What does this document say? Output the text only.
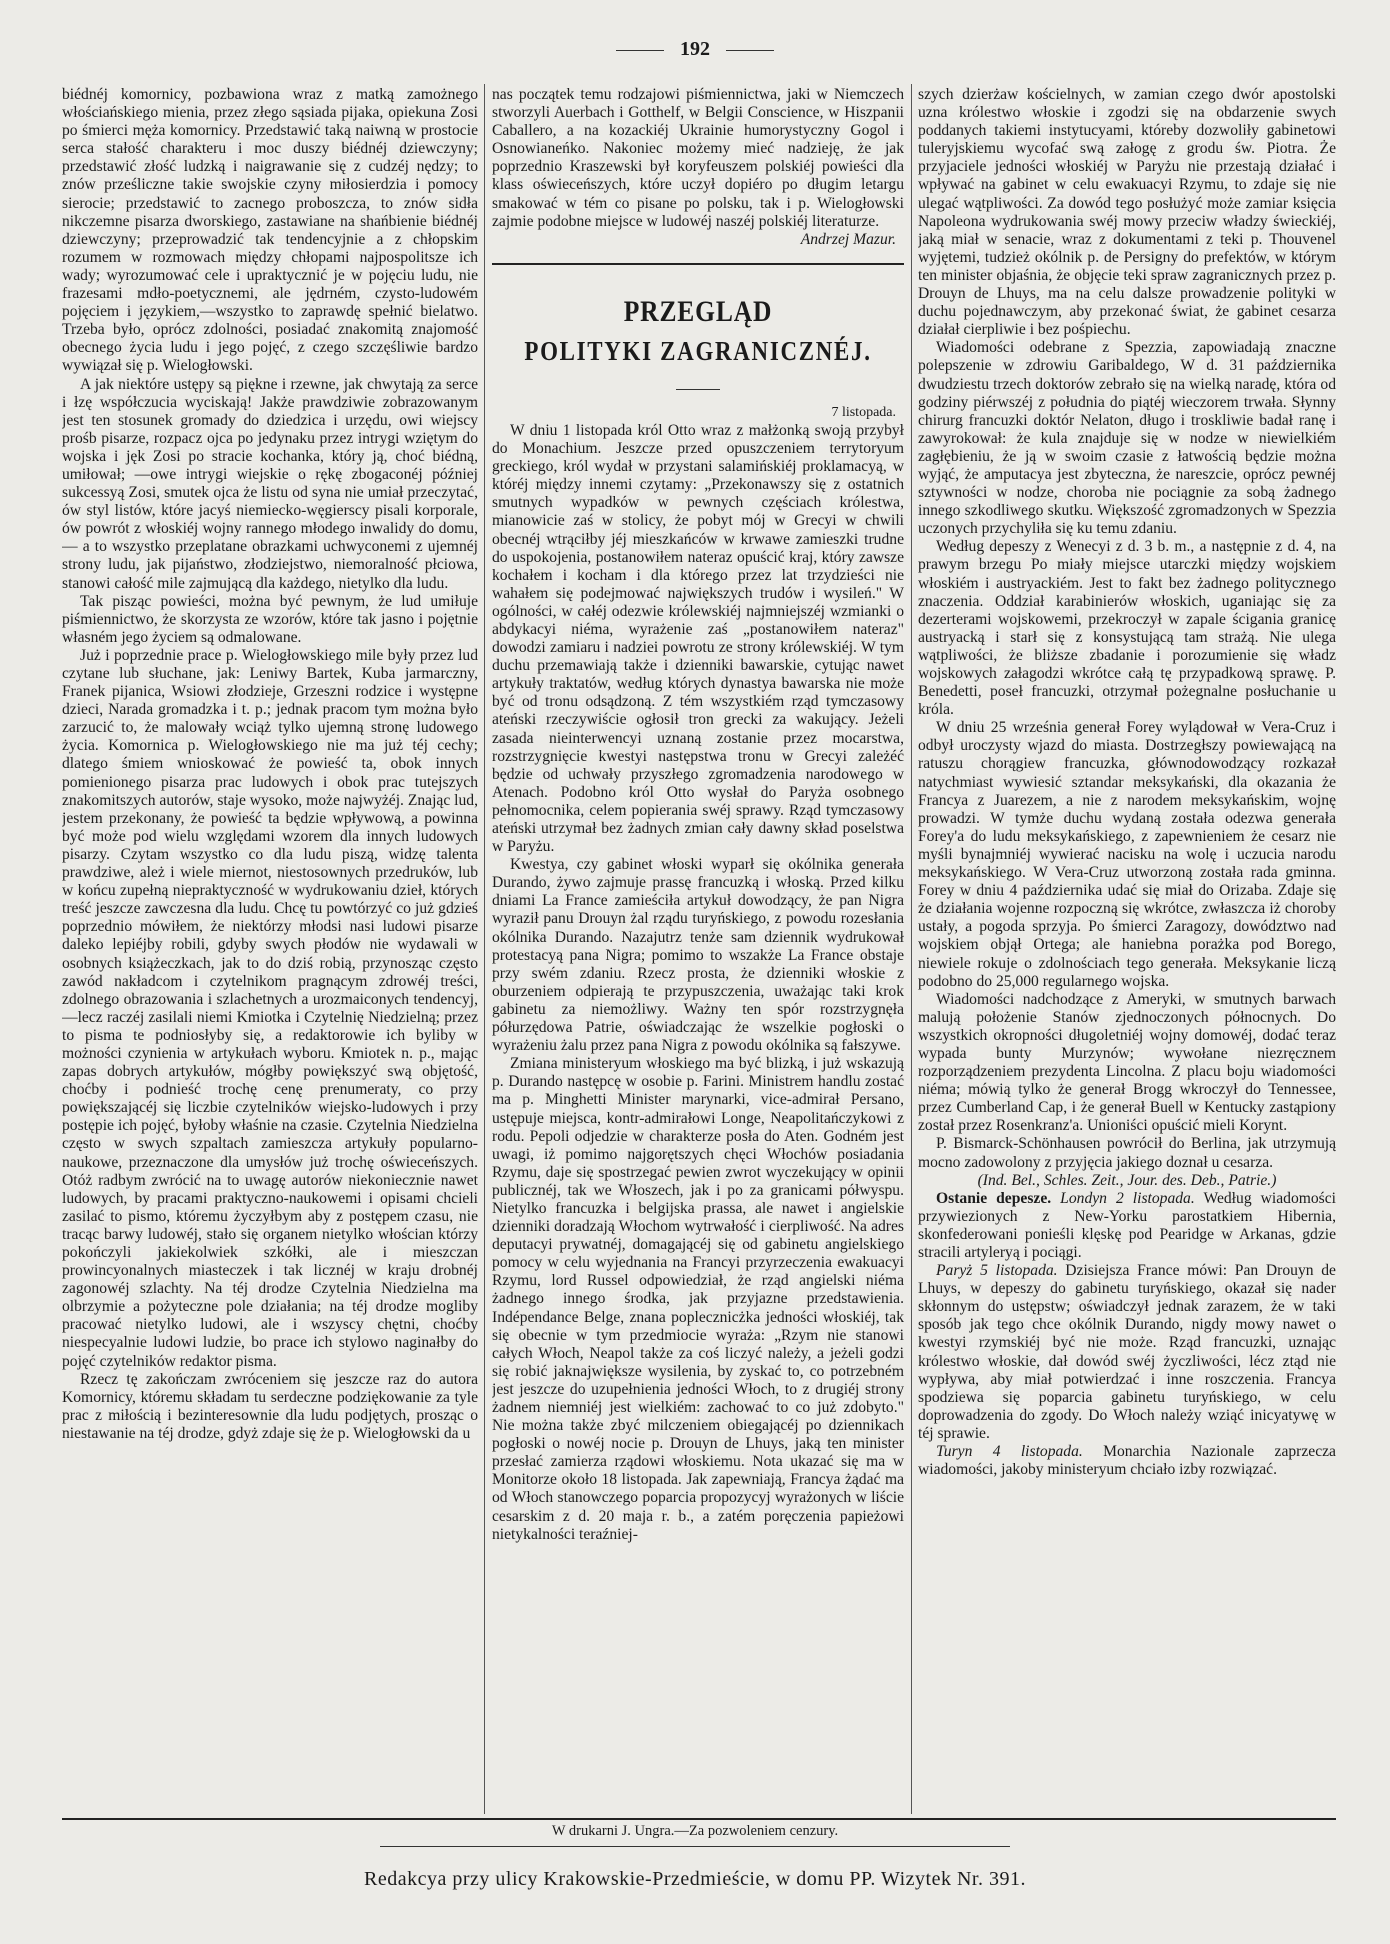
192

biédnéj komornicy, pozbawiona wraz z matką zamożnego włościańskiego mienia, przez złego sąsiada pijaka, opiekuna Zosi po śmierci męża komornicy. Przedstawić taką naiwną w prostocie serca stałość charakteru i moc duszy biédnéj dziewczyny; przedstawić złość ludzką i naigrawanie się z cudzéj nędzy; to znów prześliczne takie swojskie czyny miłosierdzia i pomocy sierocie; przedstawić to zacnego proboszcza, to znów sidła nikczemne pisarza dworskiego, zastawiane na shańbienie biédnéj dziewczyny; przeprowadzić tak tendencyjnie a z chłopskim rozumem w rozmowach między chłopami najpospolitsze ich wady; wyrozumować cele i upraktycznić je w pojęciu ludu, nie frazesami mdło-poetycznemi, ale jędrném, czysto-ludowém pojęciem i językiem,—wszystko to zaprawdę spełnić bielatwo. Trzeba było, oprócz zdolności, posiadać znakomitą znajomość obecnego życia ludu i jego pojęć, z czego szczęśliwie bardzo wywiązał się p. Wielogłowski.

A jak niektóre ustępy są piękne i rzewne, jak chwytają za serce i łzę współczucia wyciskają! Jakże prawdziwie zobrazowanym jest ten stosunek gromady do dziedzica i urzędu, owi wiejscy prośb pisarze, rozpacz ojca po jedynaku przez intrygi wziętym do wojska i jęk Zosi po stracie kochanka, który ją, choć biédną, umiłował; —owe intrygi wiejskie o rękę zbogaconéj później sukcessyą Zosi, smutek ojca że listu od syna nie umiał przeczytać, ów styl listów, które jacyś niemiecko-węgierscy pisali korporale, ów powrót z włoskiéj wojny rannego młodego inwalidy do domu, — a to wszystko przeplatane obrazkami uchwyconemi z ujemnéj strony ludu, jak pijaństwo, złodziejstwo, niemoralność płciowa, stanowi całość mile zajmującą dla każdego, nietylko dla ludu.

Tak pisząc powieści, można być pewnym, że lud umiłuje piśmiennictwo, że skorzysta ze wzorów, które tak jasno i pojętnie własném jego życiem są odmalowane.

Już i poprzednie prace p. Wielogłowskiego mile były przez lud czytane lub słuchane, jak: Leniwy Bartek, Kuba jarmarczny, Franek pijanica, Wsiowi złodzieje, Grzeszni rodzice i występne dzieci, Narada gromadzka i t. p.; jednak pracom tym można było zarzucić to, że malowały wciąż tylko ujemną stronę ludowego życia. Komornica p. Wielogłowskiego nie ma już téj cechy; dlatego śmiem wnioskować że powieść ta, obok innych pomienionego pisarza prac ludowych i obok prac tutejszych znakomitszych autorów, staje wysoko, może najwyżéj. Znając lud, jestem przekonany, że powieść ta będzie wpływową, a powinna być może pod wielu względami wzorem dla innych ludowych pisarzy. Czytam wszystko co dla ludu piszą, widzę talenta prawdziwe, ależ i wiele miernot, niestosownych przedruków, lub w końcu zupełną niepraktyczność w wydrukowaniu dzieł, których treść jeszcze zawczesna dla ludu. Chcę tu powtórzyć co już gdzieś poprzednio mówiłem, że niektórzy młodsi nasi ludowi pisarze daleko lepiéjby robili, gdyby swych płodów nie wydawali w osobnych książeczkach, jak to do dziś robią, przynosząc często zawód nakładcom i czytelnikom pragnącym zdrowéj treści, zdolnego obrazowania i szlachetnych a urozmaiconych tendencyj,—lecz raczéj zasilali niemi Kmiotka i Czytelnię Niedzielną; przez to pisma te podniosłyby się, a redaktorowie ich byliby w możności czynienia w artykułach wyboru. Kmiotek n. p., mając zapas dobrych artykułów, mógłby powiększyć swą objętość, choćby i podnieść trochę cenę prenumeraty, co przy powiększającéj się liczbie czytelników wiejsko-ludowych i przy postępie ich pojęć, byłoby właśnie na czasie. Czytelnia Niedzielna często w swych szpaltach zamieszcza artykuły popularno-naukowe, przeznaczone dla umysłów już trochę oświeceńszych. Otóż radbym zwrócić na to uwagę autorów niekoniecznie nawet ludowych, by pracami praktyczno-naukowemi i opisami chcieli zasilać to pismo, któremu życzyłbym aby z postępem czasu, nie tracąc barwy ludowéj, stało się organem nietylko włościan którzy pokończyli jakiekolwiek szkółki, ale i mieszczan prowincyonalnych miasteczek i tak licznéj w kraju drobnéj zagonowéj szlachty. Na téj drodze Czytelnia Niedzielna ma olbrzymie a pożyteczne pole działania; na téj drodze mogliby pracować nietylko ludowi, ale i wszyscy chętni, choćby niespecyalnie ludowi ludzie, bo prace ich stylowo naginałby do pojęć czytelników redaktor pisma.

Rzecz tę zakończam zwróceniem się jeszcze raz do autora Komornicy, któremu składam tu serdeczne podziękowanie za tyle prac z miłością i bezinteresownie dla ludu podjętych, prosząc o niestawanie na téj drodze, gdyż zdaje się że p. Wielogłowski da u

nas początek temu rodzajowi piśmiennictwa, jaki w Niemczech stworzyli Auerbach i Gotthelf, w Belgii Conscience, w Hiszpanii Caballero, a na kozackiéj Ukrainie humorystyczny Gogol i Osnowianeńko. Nakoniec możemy mieć nadzieję, że jak poprzednio Kraszewski był koryfeuszem polskiéj powieści dla klass oświeceńszych, które uczył dopiéro po długim letargu smakować w tém co pisane po polsku, tak i p. Wielogłowski zajmie podobne miejsce w ludowéj naszéj polskiéj literaturze.

Andrzej Mazur.
PRZEGLĄD
POLITYKI ZAGRANICZNÉJ.
7 listopada.

W dniu 1 listopada król Otto wraz z małżonką swoją przybył do Monachium. Jeszcze przed opuszczeniem terrytoryum greckiego, król wydał w przystani salamińskiéj proklamacyą, w któréj między innemi czytamy: „Przekonawszy się z ostatnich smutnych wypadków w pewnych częściach królestwa, mianowicie zaś w stolicy, że pobyt mój w Grecyi w chwili obecnéj wtrąciłby jéj mieszkańców w krwawe zamieszki trudne do uspokojenia, postanowiłem nateraz opuścić kraj, który zawsze kochałem i kocham i dla którego przez lat trzydzieści nie wahałem się podejmować największych trudów i wysileń." W ogólności, w całéj odezwie królewskiéj najmniejszéj wzmianki o abdykacyi niéma, wyrażenie zaś „postanowiłem nateraz" dowodzi zamiaru i nadziei powrotu ze strony królewskiéj. W tym duchu przemawiają także i dzienniki bawarskie, cytując nawet artykuły traktatów, według których dynastya bawarska nie może być od tronu odsądzoną. Z tém wszystkiém rząd tymczasowy ateński rzeczywiście ogłosił tron grecki za wakujący. Jeżeli zasada nieinterwencyi uznaną zostanie przez mocarstwa, rozstrzygnięcie kwestyi następstwa tronu w Grecyi zależéć będzie od uchwały przyszłego zgromadzenia narodowego w Atenach. Podobno król Otto wysłał do Paryża osobnego pełnomocnika, celem popierania swéj sprawy. Rząd tymczasowy ateński utrzymał bez żadnych zmian cały dawny skład poselstwa w Paryżu.

Kwestya, czy gabinet włoski wyparł się okólnika generała Durando, żywo zajmuje prassę francuzką i włoską. Przed kilku dniami La France zamieściła artykuł dowodzący, że pan Nigra wyraził panu Drouyn żal rządu turyńskiego, z powodu rozesłania okólnika Durando. Nazajutrz tenże sam dziennik wydrukował protestacyą pana Nigra; pomimo to wszakże La France obstaje przy swém zdaniu. Rzecz prosta, że dzienniki włoskie z oburzeniem odpierają te przypuszczenia, uważając taki krok gabinetu za niemożliwy. Ważny ten spór rozstrzygnęła półurzędowa Patrie, oświadczając że wszelkie pogłoski o wyrażeniu żalu przez pana Nigra z powodu okólnika są fałszywe.

Zmiana ministeryum włoskiego ma być blizką, i już wskazują p. Durando następcę w osobie p. Farini. Ministrem handlu zostać ma p. Minghetti Minister marynarki, vice-admirał Persano, ustępuje miejsca, kontr-admirałowi Longe, Neapolitańczykowi z rodu. Pepoli odjedzie w charakterze posła do Aten. Godném jest uwagi, iż pomimo najgorętszych chęci Włochów posiadania Rzymu, daje się spostrzegać pewien zwrot wyczekujący w opinii publicznéj, tak we Włoszech, jak i po za granicami półwyspu. Nietylko francuzka i belgijska prassa, ale nawet i angielskie dzienniki doradzają Włochom wytrwałość i cierpliwość. Na adres deputacyi prywatnéj, domagającéj się od gabinetu angielskiego pomocy w celu wyjednania na Francyi przyrzeczenia ewakuacyi Rzymu, lord Russel odpowiedział, że rząd angielski niéma żadnego innego środka, jak przyjazne przedstawienia. Indépendance Belge, znana poplecznicżka jedności włoskiéj, tak się obecnie w tym przedmiocie wyraża: „Rzym nie stanowi całych Włoch, Neapol także za coś liczyć należy, a jeżeli godzi się robić jaknajwiększe wysilenia, by zyskać to, co potrzebném jest jeszcze do uzupełnienia jedności Włoch, to z drugiéj strony żadnem niemniéj jest wielkiém: zachować to co już zdobyto." Nie można także zbyć milczeniem obiegającéj po dziennikach pogłoski o nowéj nocie p. Drouyn de Lhuys, jaką ten minister przesłać zamierza rządowi włoskiemu. Nota ukazać się ma w Monitorze około 18 listopada. Jak zapewniają, Francya żądać ma od Włoch stanowczego poparcia propozycyj wyrażonych w liście cesarskim z d. 20 maja r. b., a zatém poręczenia papieżowi nietykalności teraźniej-

szych dzierżaw kościelnych, w zamian czego dwór apostolski uzna królestwo włoskie i zgodzi się na obdarzenie swych poddanych takiemi instytucyami, któreby dozwoliły gabinetowi tuleryjskiemu wycofać swą załogę z grodu św. Piotra. Że przyjaciele jedności włoskiéj w Paryżu nie przestają działać i wpływać na gabinet w celu ewakuacyi Rzymu, to zdaje się nie ulegać wątpliwości. Za dowód tego posłużyć może zamiar księcia Napoleona wydrukowania swéj mowy przeciw władzy świeckiéj, jaką miał w senacie, wraz z dokumentami z teki p. Thouvenel wyjętemi, tudzież okólnik p. de Persigny do prefektów, w którym ten minister objaśnia, że objęcie teki spraw zagranicznych przez p. Drouyn de Lhuys, ma na celu dalsze prowadzenie polityki w duchu pojednawczym, aby przekonać świat, że gabinet cesarza działał cierpliwie i bez pośpiechu.

Wiadomości odebrane z Spezzia, zapowiadają znaczne polepszenie w zdrowiu Garibaldego, W d. 31 października dwudziestu trzech doktorów zebrało się na wielką naradę, która od godziny piérwszéj z południa do piątéj wieczorem trwała. Słynny chirurg francuzki doktór Nelaton, długo i troskliwie badał ranę i zawyrokował: że kula znajduje się w nodze w niewielkiém zagłębieniu, że ją w swoim czasie z łatwością będzie można wyjąć, że amputacya jest zbyteczna, że nareszcie, oprócz pewnéj sztywności w nodze, choroba nie pociągnie za sobą żadnego innego szkodliwego skutku. Większość zgromadzonych w Spezzia uczonych przychyliła się ku temu zdaniu.

Według depeszy z Wenecyi z d. 3 b. m., a następnie z d. 4, na prawym brzegu Po miały miejsce utarczki między wojskiem włoskiém i austryackiém. Jest to fakt bez żadnego politycznego znaczenia. Oddział karabinierów włoskich, uganiając się za dezerterami wojskowemi, przekroczył w zapale ścigania granicę austryacką i starł się z konsystującą tam strażą. Nie ulega wątpliwości, że bliższe zbadanie i porozumienie się władz wojskowych załagodzi wkrótce całą tę przypadkową sprawę. P. Benedetti, poseł francuzki, otrzymał pożegnalne posłuchanie u króla.

W dniu 25 września generał Forey wylądował w Vera-Cruz i odbył uroczysty wjazd do miasta. Dostrzegłszy powiewającą na ratuszu chorągiew francuzka, głównodowodzący rozkazał natychmiast wywiesić sztandar meksykański, dla okazania że Francya z Juarezem, a nie z narodem meksykańskim, wojnę prowadzi. W tymże duchu wydaną została odezwa generała Forey'a do ludu meksykańskiego, z zapewnieniem że cesarz nie myśli bynajmniéj wywierać nacisku na wolę i uczucia narodu meksykańskiego. W Vera-Cruz utworzoną została rada gminna. Forey w dniu 4 października udać się miał do Orizaba. Zdaje się że działania wojenne rozpoczną się wkrótce, zwłaszcza iż choroby ustały, a pogoda sprzyja. Po śmierci Zaragozy, dowództwo nad wojskiem objął Ortega; ale haniebna porażka pod Borego, niewiele rokuje o zdolnościach tego generała. Meksykanie liczą podobno do 25,000 regularnego wojska.

Wiadomości nadchodzące z Ameryki, w smutnych barwach malują położenie Stanów zjednoczonych północnych. Do wszystkich okropności długoletniéj wojny domowéj, dodać teraz wypada bunty Murzynów; wywołane niezręcznem rozporządzeniem prezydenta Lincolna. Z placu boju wiadomości niéma; mówią tylko że generał Brogg wkroczył do Tennessee, przez Cumberland Cap, i że generał Buell w Kentucky zastąpiony został przez Rosenkranz'a. Unioniści opuścić mieli Korynt.

P. Bismarck-Schönhausen powrócił do Berlina, jak utrzymują mocno zadowolony z przyjęcia jakiego doznał u cesarza.

(Ind. Bel., Schles. Zeit., Jour. des. Deb., Patrie.)

Ostanie depesze. Londyn 2 listopada. Według wiadomości przywiezionych z New-Yorku parostatkiem Hibernia, skonfederowani ponieśli klęskę pod Pearidge w Arkanas, gdzie stracili artyleryą i pociągi.

Paryż 5 listopada. Dzisiejsza France mówi: Pan Drouyn de Lhuys, w depeszy do gabinetu turyńskiego, okazał się nader skłonnym do ustępstw; oświadczył jednak zarazem, że w taki sposób jak tego chce okólnik Durando, nigdy mowy nawet o kwestyi rzymskiéj być nie może. Rząd francuzki, uznając królestwo włoskie, dał dowód swéj życzliwości, lécz ztąd nie wypływa, aby miał potwierdzać i inne roszczenia. Francya spodziewa się poparcia gabinetu turyńskiego, w celu doprowadzenia do zgody. Do Włoch należy wziąć inicyatywę w téj sprawie.

Turyn 4 listopada. Monarchia Nazionale zaprzecza wiadomości, jakoby ministeryum chciało izby rozwiązać.

W drukarni J. Ungra.—Za pozwoleniem cenzury.
Redakcya przy ulicy Krakowskie-Przedmieście, w domu PP. Wizytek Nr. 391.
